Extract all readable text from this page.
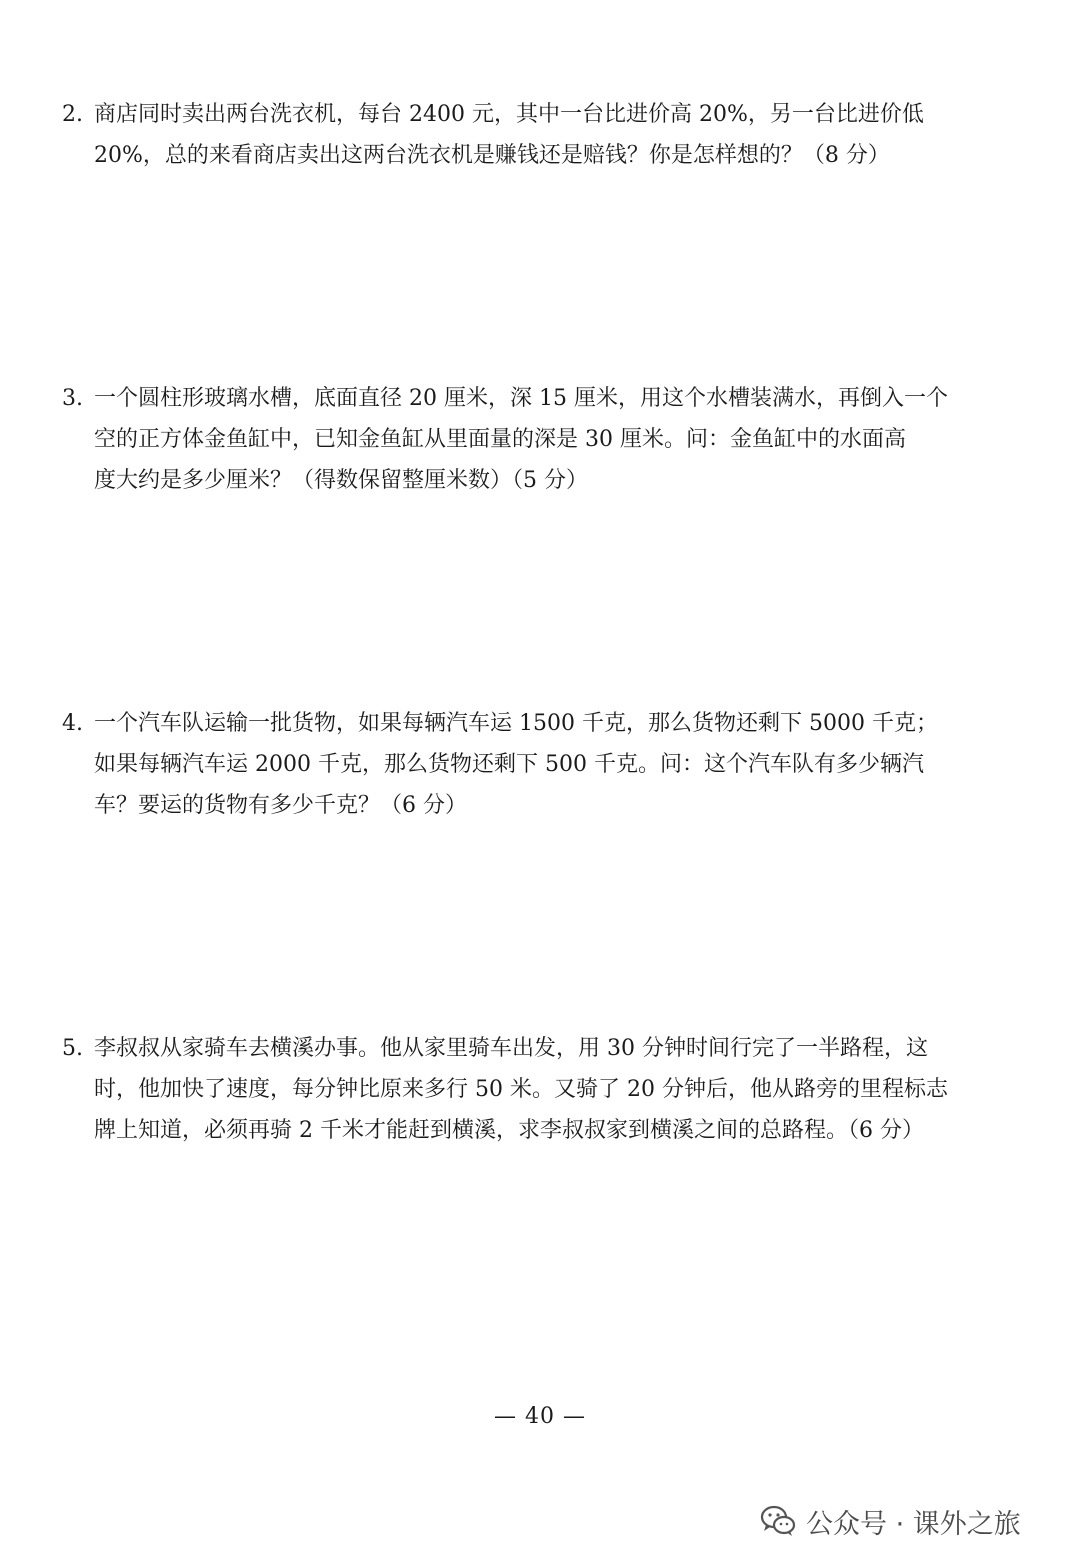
2. 商店同时卖出两台洗衣机，每台 2400 元，其中一台比进价高 20%，另一台比进价低
20%，总的来看商店卖出这两台洗衣机是赚钱还是赔钱？你是怎样想的？（8 分）
3. 一个圆柱形玻璃水槽，底面直径 20 厘米，深 15 厘米，用这个水槽装满水，再倒入一个
空的正方体金鱼缸中，已知金鱼缸从里面量的深是 30 厘米。问：金鱼缸中的水面高
度大约是多少厘米？（得数保留整厘米数）（5 分）
4. 一个汽车队运输一批货物，如果每辆汽车运 1500 千克，那么货物还剩下 5000 千克；
如果每辆汽车运 2000 千克，那么货物还剩下 500 千克。问：这个汽车队有多少辆汽
车？要运的货物有多少千克？（6 分）
5. 李叔叔从家骑车去横溪办事。他从家里骑车出发，用 30 分钟时间行完了一半路程，这
时，他加快了速度，每分钟比原来多行 50 米。又骑了 20 分钟后，他从路旁的里程标志
牌上知道，必须再骑 2 千米才能赶到横溪，求李叔叔家到横溪之间的总路程。（6 分）
— 40 —
公众号 · 课外之旅
